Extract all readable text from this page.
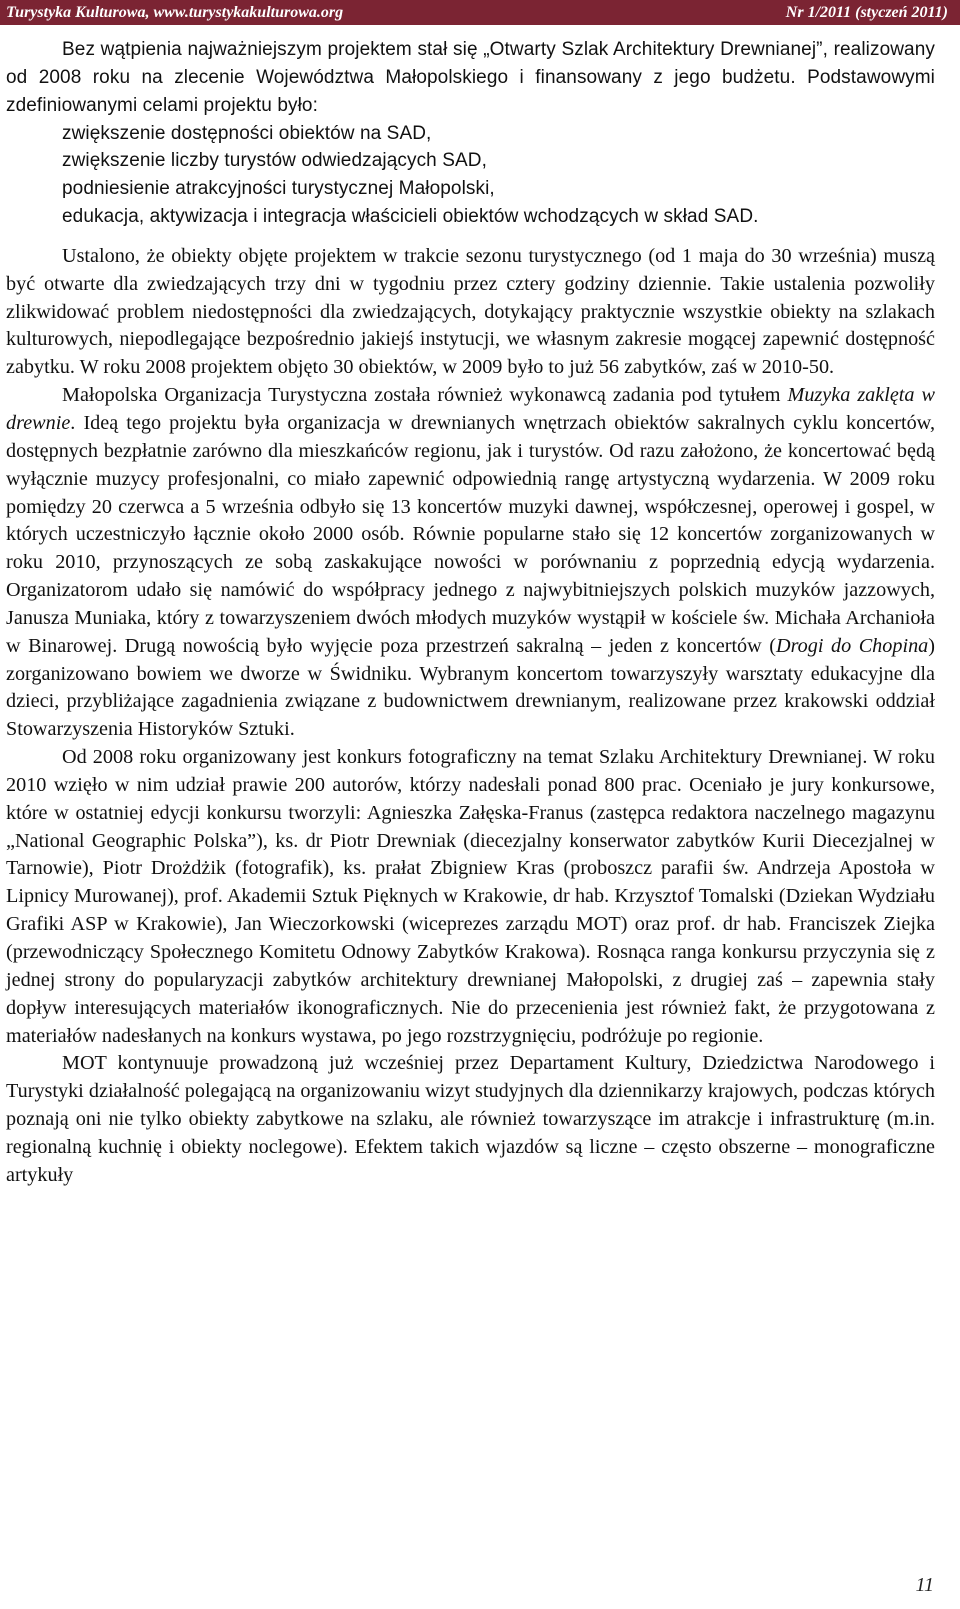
Turystyka Kulturowa, www.turystykakulturowa.org	Nr 1/2011 (styczeń 2011)

Bez wątpienia najważniejszym projektem stał się „Otwarty Szlak Architektury Drewnianej”, realizowany od 2008 roku na zlecenie Województwa Małopolskiego i finansowany z jego budżetu. Podstawowymi zdefiniowanymi celami projektu było:

zwiększenie dostępności obiektów na SAD,
zwiększenie liczby turystów odwiedzających SAD,
podniesienie atrakcyjności turystycznej Małopolski,
edukacja, aktywizacja i integracja właścicieli obiektów wchodzących w skład SAD.

Ustalono, że obiekty objęte projektem w trakcie sezonu turystycznego (od 1 maja do 30 września) muszą być otwarte dla zwiedzających trzy dni w tygodniu przez cztery godziny dziennie. Takie ustalenia pozwoliły zlikwidować problem niedostępności dla zwiedzających, dotykający praktycznie wszystkie obiekty na szlakach kulturowych, niepodlegające bezpośrednio jakiejś instytucji, we własnym zakresie mogącej zapewnić dostępność zabytku. W roku 2008 projektem objęto 30 obiektów, w 2009 było to już 56 zabytków, zaś w 2010-50.

Małopolska Organizacja Turystyczna została również wykonawcą zadania pod tytułem Muzyka zaklęta w drewnie. Ideą tego projektu była organizacja w drewnianych wnętrzach obiektów sakralnych cyklu koncertów, dostępnych bezpłatnie zarówno dla mieszkańców regionu, jak i turystów. Od razu założono, że koncertować będą wyłącznie muzycy profesjonalni, co miało zapewnić odpowiednią rangę artystyczną wydarzenia. W 2009 roku pomiędzy 20 czerwca a 5 września odbyło się 13 koncertów muzyki dawnej, współczesnej, operowej i gospel, w których uczestniczyło łącznie około 2000 osób. Równie popularne stało się 12 koncertów zorganizowanych w roku 2010, przynoszących ze sobą zaskakujące nowości w porównaniu z poprzednią edycją wydarzenia. Organizatorom udało się namówić do współpracy jednego z najwybitniejszych polskich muzyków jazzowych, Janusza Muniaka, który z towarzyszeniem dwóch młodych muzyków wystąpił w kościele św. Michała Archanioła w Binarowej. Drugą nowością było wyjęcie poza przestrzeń sakralną – jeden z koncertów (Drogi do Chopina) zorganizowano bowiem we dworze w Świdniku. Wybranym koncertom towarzyszyły warsztaty edukacyjne dla dzieci, przybliżające zagadnienia związane z budownictwem drewnianym, realizowane przez krakowski oddział Stowarzyszenia Historyków Sztuki.

Od 2008 roku organizowany jest konkurs fotograficzny na temat Szlaku Architektury Drewnianej. W roku 2010 wzięło w nim udział prawie 200 autorów, którzy nadesłali ponad 800 prac. Oceniało je jury konkursowe, które w ostatniej edycji konkursu tworzyli: Agnieszka Załęska-Franus (zastępca redaktora naczelnego magazynu „National Geographic Polska”), ks. dr Piotr Drewniak (diecezjalny konserwator zabytków Kurii Diecezjalnej w Tarnowie), Piotr Drożdżik (fotografik), ks. prałat Zbigniew Kras (proboszcz parafii św. Andrzeja Apostoła w Lipnicy Murowanej), prof. Akademii Sztuk Pięknych w Krakowie, dr hab. Krzysztof Tomalski (Dziekan Wydziału Grafiki ASP w Krakowie), Jan Wieczorkowski (wiceprezes zarządu MOT) oraz prof. dr hab. Franciszek Ziejka (przewodniczący Społecznego Komitetu Odnowy Zabytków Krakowa). Rosnąca ranga konkursu przyczynia się z jednej strony do popularyzacji zabytków architektury drewnianej Małopolski, z drugiej zaś – zapewnia stały dopływ interesujących materiałów ikonograficznych. Nie do przecenienia jest również fakt, że przygotowana z materiałów nadesłanych na konkurs wystawa, po jego rozstrzygnięciu, podróżuje po regionie.

MOT kontynuuje prowadzoną już wcześniej przez Departament Kultury, Dziedzictwa Narodowego i Turystyki działalność polegającą na organizowaniu wizyt studyjnych dla dziennikarzy krajowych, podczas których poznają oni nie tylko obiekty zabytkowe na szlaku, ale również towarzyszące im atrakcje i infrastrukturę (m.in. regionalną kuchnię i obiekty noclegowe). Efektem takich wjazdów są liczne – często obszerne – monograficzne artykuły

11
